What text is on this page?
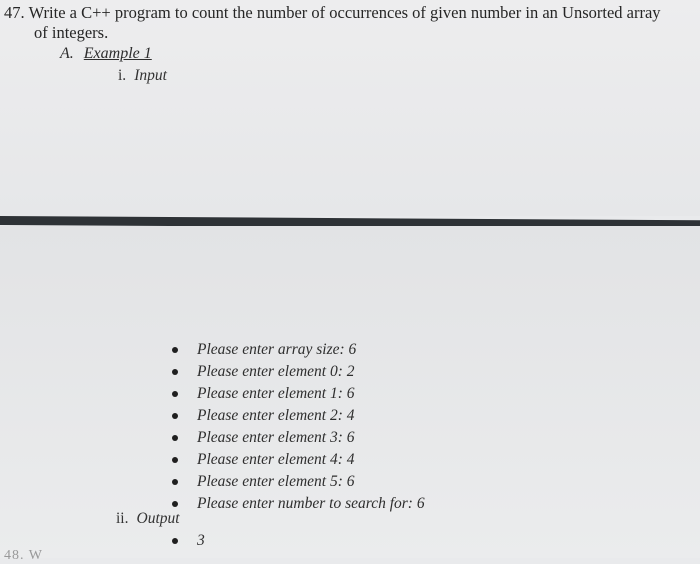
47. Write a C++ program to count the number of occurrences of given number in an Unsorted array
of integers.
A. Example 1
i. Input
Please enter array size: 6
Please enter element 0: 2
Please enter element 1: 6
Please enter element 2: 4
Please enter element 3: 6
Please enter element 4: 4
Please enter element 5: 6
Please enter number to search for: 6
ii. Output
3
48. W
